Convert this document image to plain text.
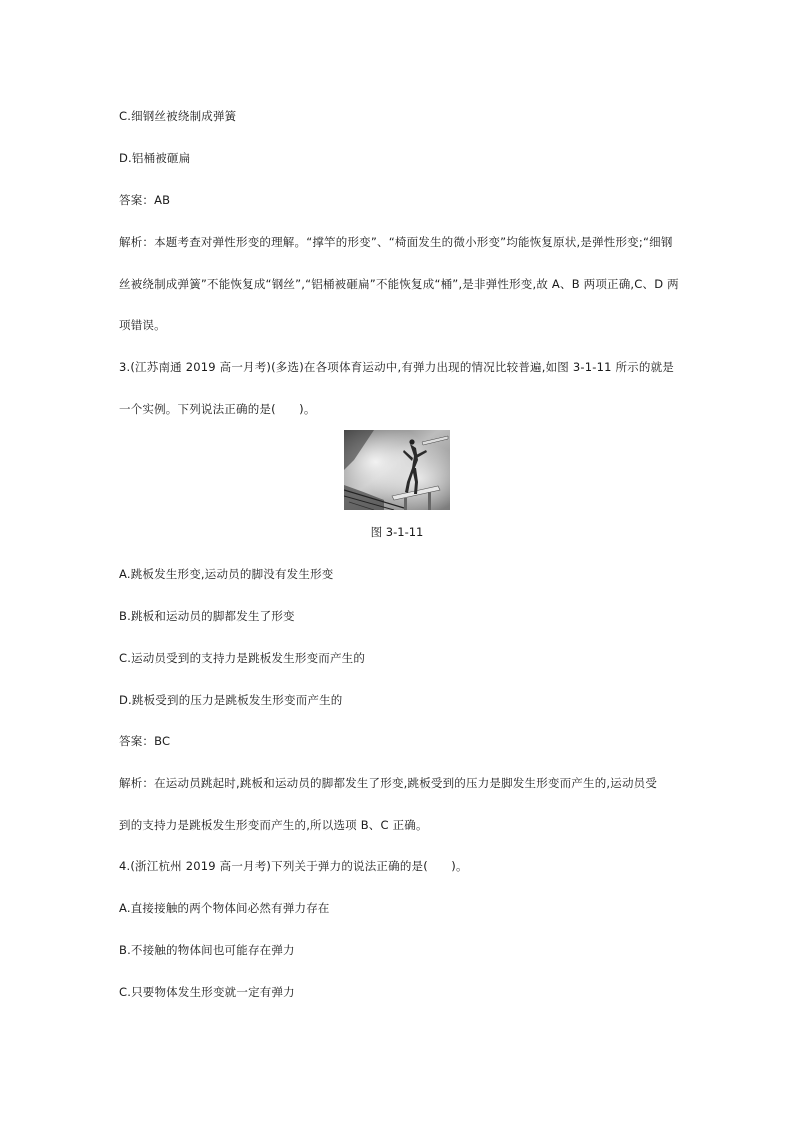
C.细钢丝被绕制成弹簧
D.铝桶被砸扁
答案：AB
解析：本题考查对弹性形变的理解。“撑竿的形变”、“椅面发生的微小形变”均能恢复原状,是弹性形变;“细钢
丝被绕制成弹簧”不能恢复成“钢丝”,“铝桶被砸扁”不能恢复成“桶”,是非弹性形变,故 A、B 两项正确,C、D 两
项错误。
3.(江苏南通 2019 高一月考)(多选)在各项体育运动中,有弹力出现的情况比较普遍,如图 3-1-11 所示的就是
一个实例。下列说法正确的是(　　)。
图 3-1-11
A.跳板发生形变,运动员的脚没有发生形变
B.跳板和运动员的脚都发生了形变
C.运动员受到的支持力是跳板发生形变而产生的
D.跳板受到的压力是跳板发生形变而产生的
答案：BC
解析：在运动员跳起时,跳板和运动员的脚都发生了形变,跳板受到的压力是脚发生形变而产生的,运动员受
到的支持力是跳板发生形变而产生的,所以选项 B、C 正确。
4.(浙江杭州 2019 高一月考)下列关于弹力的说法正确的是(　　)。
A.直接接触的两个物体间必然有弹力存在
B.不接触的物体间也可能存在弹力
C.只要物体发生形变就一定有弹力
